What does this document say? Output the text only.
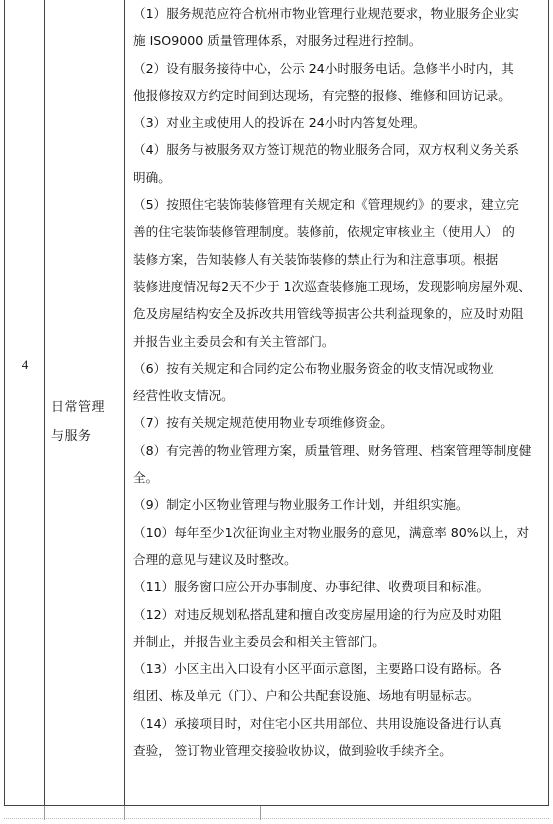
4
日常管理
与服务

（1）服务规范应符合杭州市物业管理行业规范要求，物业服务企业实
施 ISO9000 质量管理体系，对服务过程进行控制。

（2）设有服务接待中心，公示 24小时服务电话。急修半小时内，其
他报修按双方约定时间到达现场，有完整的报修、维修和回访记录。

（3）对业主或使用人的投诉在 24小时内答复处理。

（4）服务与被服务双方签订规范的物业服务合同，双方权利义务关系
明确。

（5）按照住宅装饰装修管理有关规定和《管理规约》的要求，建立完
善的住宅装饰装修管理制度。装修前，依规定审核业主（使用人） 的
装修方案，告知装修人有关装饰装修的禁止行为和注意事项。根据
装修进度情况每2天不少于 1次巡查装修施工现场，发现影响房屋外观、
危及房屋结构安全及拆改共用管线等损害公共利益现象的，应及时劝阻
并报告业主委员会和有关主管部门。

（6）按有关规定和合同约定公布物业服务资金的收支情况或物业
经营性收支情况。

（7）按有关规定规范使用物业专项维修资金。

（8）有完善的物业管理方案，质量管理、财务管理、档案管理等制度健
全。

（9）制定小区物业管理与物业服务工作计划，并组织实施。

（10）每年至少1次征询业主对物业服务的意见，满意率 80%以上，对
合理的意见与建议及时整改。

（11）服务窗口应公开办事制度、办事纪律、收费项目和标准。

（12）对违反规划私搭乱建和擅自改变房屋用途的行为应及时劝阻
并制止，并报告业主委员会和相关主管部门。

（13）小区主出入口设有小区平面示意图，主要路口设有路标。各
组团、栋及单元（门）、户和公共配套设施、场地有明显标志。

（14）承接项目时，对住宅小区共用部位、共用设施设备进行认真
查验， 签订物业管理交接验收协议，做到验收手续齐全。
